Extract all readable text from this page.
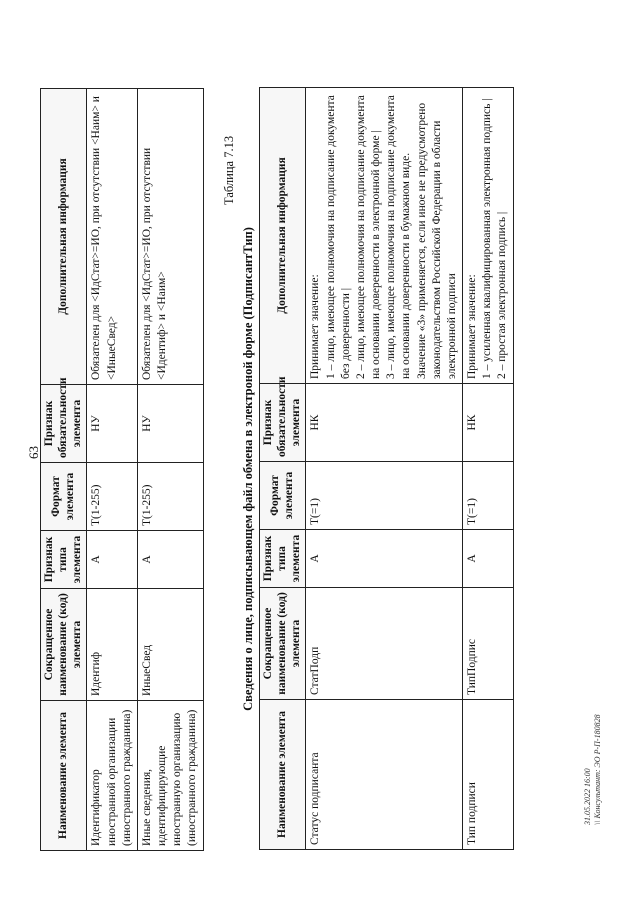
63
Наименование элемента	Сокращенное наименование (код) элемента	Признак типа элемента	Формат элемента	Признак обязательности элемента	Дополнительная информация
Идентификатор иностранной организации (иностранного гражданина)	Идентиф	A	T(1-255)	НУ	Обязателен для <ИдСтат>=ИО, при отсутствии <Наим> и <ИныеСвед>
Иные сведения, идентифицирующие иностранную организацию (иностранного гражданина)	ИныеСвед	A	T(1-255)	НУ	Обязателен для <ИдСтат>=ИО, при отсутствии <Идентиф> и <Наим>
Таблица 7.13
Сведения о лице, подписывающем файл обмена в электроной форме (ПодписантТип)
Наименование элемента	Сокращенное наименование (код) элемента	Признак типа элемента	Формат элемента	Признак обязательности элемента	Дополнительная информация
Статус подписанта	СтатПодп	A	T(=1)	НК	Принимает значение: 1 – лицо, имеющее полномочия на подписание документа без доверенности | 2 – лицо, имеющее полномочия на подписание документа на основании доверенности в электронной форме | 3 – лицо, имеющее полномочия на подписание документа на основании доверенности в бумажном виде. Значение «3» применяется, если иное не предусмотрено законодательством Российской Федерации в области электронной подписи

Тип подписи	ТипПодпис	A	T(=1)	НК	Принимает значение: 1 – усиленная квалифицированная электронная подпись | 2 – простая электронная подпись |
31.05.2022 16:00 \\ Консультант: ЭО Р-П-180828
